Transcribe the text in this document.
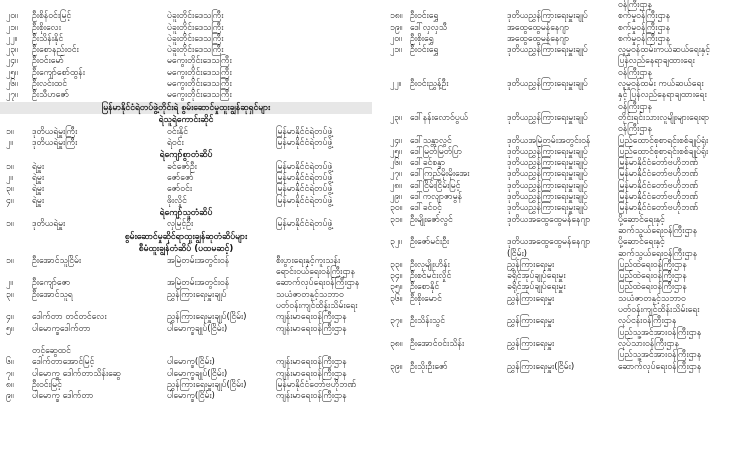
၂၀။ ဦးစိန်ဝင်းမြင့်	ပဲခူးတိုင်းဒေသကြီး
၂၁။ ဦးစိုးလေး	ပဲခူးတိုင်းဒေသကြီး
၂၂။ ဦးသိန်းနိုင်	ပဲခူးတိုင်းဒေသကြီး
၂၃။ ဦးစောနည်းဝင်း	ပဲခူးတိုင်းဒေသကြီး
၂၄။ ဦးဝင်းမော်	မကွေးတိုင်းဒေသကြီး
၂၅။ ဦးကျော်စော်ထွန်း	မကွေးတိုင်းဒေသကြီး
၂၆။ ဦးလင်းထင်	မကွေးတိုင်းဒေသကြီး
၂၇။ ဦးသီဟဇော်	မကွေးတိုင်းဒေသကြီး
မြန်မာနိုင်ငံရဲတပ်ဖွဲ့တိုင်းရဲ စွမ်းဆောင်မှုထူးချွန်ဆုရှင်များ
ရဲသူရဲကောင်းဆိုင်
၁။ ဒုတိယရဲမှူးကြီး	ဝင်းနိုင်	မြန်မာနိုင်ငံရဲတပ်ဖွဲ့
၂။ ဒုတိယရဲမှူးကြီး	ရဲဝင်း	မြန်မာနိုင်ငံရဲတပ်ဖွဲ့
ရဲကျော်စွာတံဆိပ်
၁။ ရဲမှူး	ခင်ဇော်ဦး	မြန်မာနိုင်ငံရဲတပ်ဖွဲ့
၂။ ရဲမှူး	ဇော်ဇော်	မြန်မာနိုင်ငံရဲတပ်ဖွဲ့
၃။ ရဲမှူး	ဇော်ဝင်း	မြန်မာနိုင်ငံရဲတပ်ဖွဲ့
၄။ ရဲမှူး	ဖိုးလှိုင်	မြန်မာနိုင်ငံရဲတပ်ဖွဲ့
ရဲကျော်သူတံဆိပ်
၁။ ဒုတိယရဲမှူး	လှမြင့်ဦး	မြန်မာနိုင်ငံရဲတပ်ဖွဲ့
စွမ်းဆောင်မှုဆိုင်ရာထူးချွန်ဆုတံဆိပ်များ
စီမံထူးချွန်တံဆိပ် (ပထမဆင့်)
၁။ ဦးအောင်သူငြိမ်း	အမြဲတမ်းအတွင်းဝန်	စီးပွားရေးနှင့်ကူးသန်း
ရောင်းဝယ်ရေးဝန်ကြီးဌာန
၂။ ဦးကျော်ဇော	အမြဲတမ်းအတွင်းဝန်	ဆောက်လုပ်ရေးဝန်ကြီးဌာန
၃။ ဦးအောင်သူရ	ညွှန်ကြားရေးမှူးချုပ်	သယံဇာတနှင့်သဘာဝ
ပတ်ဝန်းကျင်ထိန်းသိမ်းရေး
၄။ ဒေါက်တာ တင်တင်လေး	ညွှန်ကြားရေးမှူးချုပ်(ငြိမ်း)	ကျန်းမာရေးဝန်ကြီးဌာန
၅။ ပါမောက္ခဒေါက်တာ	ပါမောက္ခချုပ်(ငြိမ်း)	ကျန်းမာရေးဝန်ကြီးဌာန
တင့်ဆွေထင်
၆။ ဒေါက်တာအောင်မြင့်	ပါမောက္ခ(ငြိမ်း)	ကျန်းမာရေးဝန်ကြီးဌာန
၇။ ပါမောက္ခ ဒေါက်တာသိန်းဆွေ	ပါမောက္ခချုပ်(ငြိမ်း)	ကျန်းမာရေးဝန်ကြီးဌာန
၈။ ဦးဝင်းမြင့်	ညွှန်ကြားရေးမှူးချုပ်(ငြိမ်း)	မြန်မာနိုင်ငံတော်ဗဟိုဘဏ်
၉။ ပါမောက္ခ ဒေါက်တာ	ပါမောက္ခ(ငြိမ်း)	ကျန်းမာရေးဝန်ကြီးဌာန
ဝန်ကြီးဌာန
၁၈။ ဦးဝင်းရွှေ	ဒုတိယညွှန်ကြားရေးမှူးချုပ်	စက်မှုဝန်ကြီးဌာန
၁၉။ ဒေါ်လှလှသီ	အထွေထွေမန်နေဂျာ	စက်မှုဝန်ကြီးဌာန
၂၀။ ဦးစိုးရွှေ	အထွေထွေမန်နေဂျာ	စက်မှုဝန်ကြီးဌာန
၂၁။ ဦးဝင်းရွှေ	ဒုတိယညွှန်ကြားရေးမှူးချုပ်	လူမှုဝန်ထမ်းကယ်ဆယ်ရေးနှင့်
ပြန်လည်နေရာချထားရေး
ဝန်ကြီးဌာန
၂၂။ ဦးဝင်းညွှန့်ဦး	ဒုတိယညွှန်ကြားရေးမှူးချုပ်	လူမှုဝန်ထမ်း ကယ်ဆယ်ရေး
နှင့် ပြန်လည်နေရာချထားရေး
ဝန်ကြီးဌာန
၂၃။ ဒေါ်နန်းလောဝ်ပွယ်	ဒုတိယညွှန်ကြားရေးမှူးချုပ်	တိုင်းရင်းသားလူမျိုးများရေးရာ
ဝန်ကြီးဌာန
၂၄။ ဒေါ်သန္တာလွင်	ဒုတိယအမြဲတမ်းအတွင်းဝန်	ပြည်ထောင်စုစာရင်းစစ်ချုပ်ရုံး
၂၅။ ဒေါ်မြတ်မြတ်ပြာ	ဒုတိယညွှန်ကြားရေးမှူးချုပ်	ပြည်ထောင်စုစာရင်းစစ်ချုပ်ရုံး
၂၆။ ဒေါ်ခင်စန္ဒာ	ဒုတိယညွှန်ကြားရေးမှူးချုပ်	မြန်မာနိုင်ငံတော်ဗဟိုဘဏ်
၂၇။ ဒေါ်ကြည်မိုးမိုးအေး	ဒုတိယညွှန်ကြားရေးမှူးချုပ်	မြန်မာနိုင်ငံတော်ဗဟိုဘဏ်
၂၈။ ဒေါ်ငြိမ်းငြိမ်းမြင့်	ဒုတိယညွှန်ကြားရေးမှူးချုပ်	မြန်မာနိုင်ငံတော်ဗဟိုဘဏ်
၂၉။ ဒေါ်ကလျာဇာမွန်	ဒုတိယညွှန်ကြားရေးမှူးချုပ်	မြန်မာနိုင်ငံတော်ဗဟိုဘဏ်
၃၀။ ဒေါ်ခင်ဝင့်	ဒုတိယညွှန်ကြားရေးမှူးချုပ်	မြန်မာနိုင်ငံတော်ဗဟိုဘဏ်
၃၁။ ဦးမျိုးဇော်လွင်	ဒုတိယအထွေထွေမန်နေဂျာ	ပို့ဆောင်ရေးနှင့်
ဆက်သွယ်ရေးဝန်ကြီးဌာန
၃၂။ ဦးဇော်မင်းဦး	ဒုတိယအထွေထွေမန်နေဂျာ
(ငြိမ်း)
ပို့ဆောင်ရေးနှင့်
ဆက်သွယ်ရေးဝန်ကြီးဌာန
၃၃။ ဦးလှမျိုးဟိန်း	ညွှန်ကြားရေးမှူး	ပြည်ထဲရေးဝန်ကြီးဌာန
၃၄။ ဦးစင်မင်းလှိုင်	ခရိုင်အုပ်ချုပ်ရေးမှူး	ပြည်ထဲရေးဝန်ကြီးဌာန
၃၅။ ဦးစောနိုင်	ခရိုင်အုပ်ချုပ်ရေးမှူး	ပြည်ထဲရေးဝန်ကြီးဌာန
၃၆။ ဦးစိုးမောင်	ညွှန်ကြားရေးမှူး	သယံဇာတနှင့်သဘာဝ
ပတ်ဝန်းကျင်ထိန်းသိမ်းရေး
၃၇။ ဦးသိန်းသွင်	ညွှန်ကြားရေးမှူး	လုပ်ငန်းဝန်ကြီးဌာန
ပြည်သူ့အင်အားဝန်ကြီးဌာန
၃၈။ ဦးအောင်ဝင်းသိန်း	ညွှန်ကြားရေးမှူး	လုပ်သားဝန်ကြီးဌာန
ပြည်သူ့အင်အားဝန်ကြီးဌာန
၃၉။ ဦးသိုးဦးဇော်	ညွှန်ကြားရေးမှူး(ငြိမ်း)	ဆောက်လုပ်ရေးဝန်ကြီးဌာန
